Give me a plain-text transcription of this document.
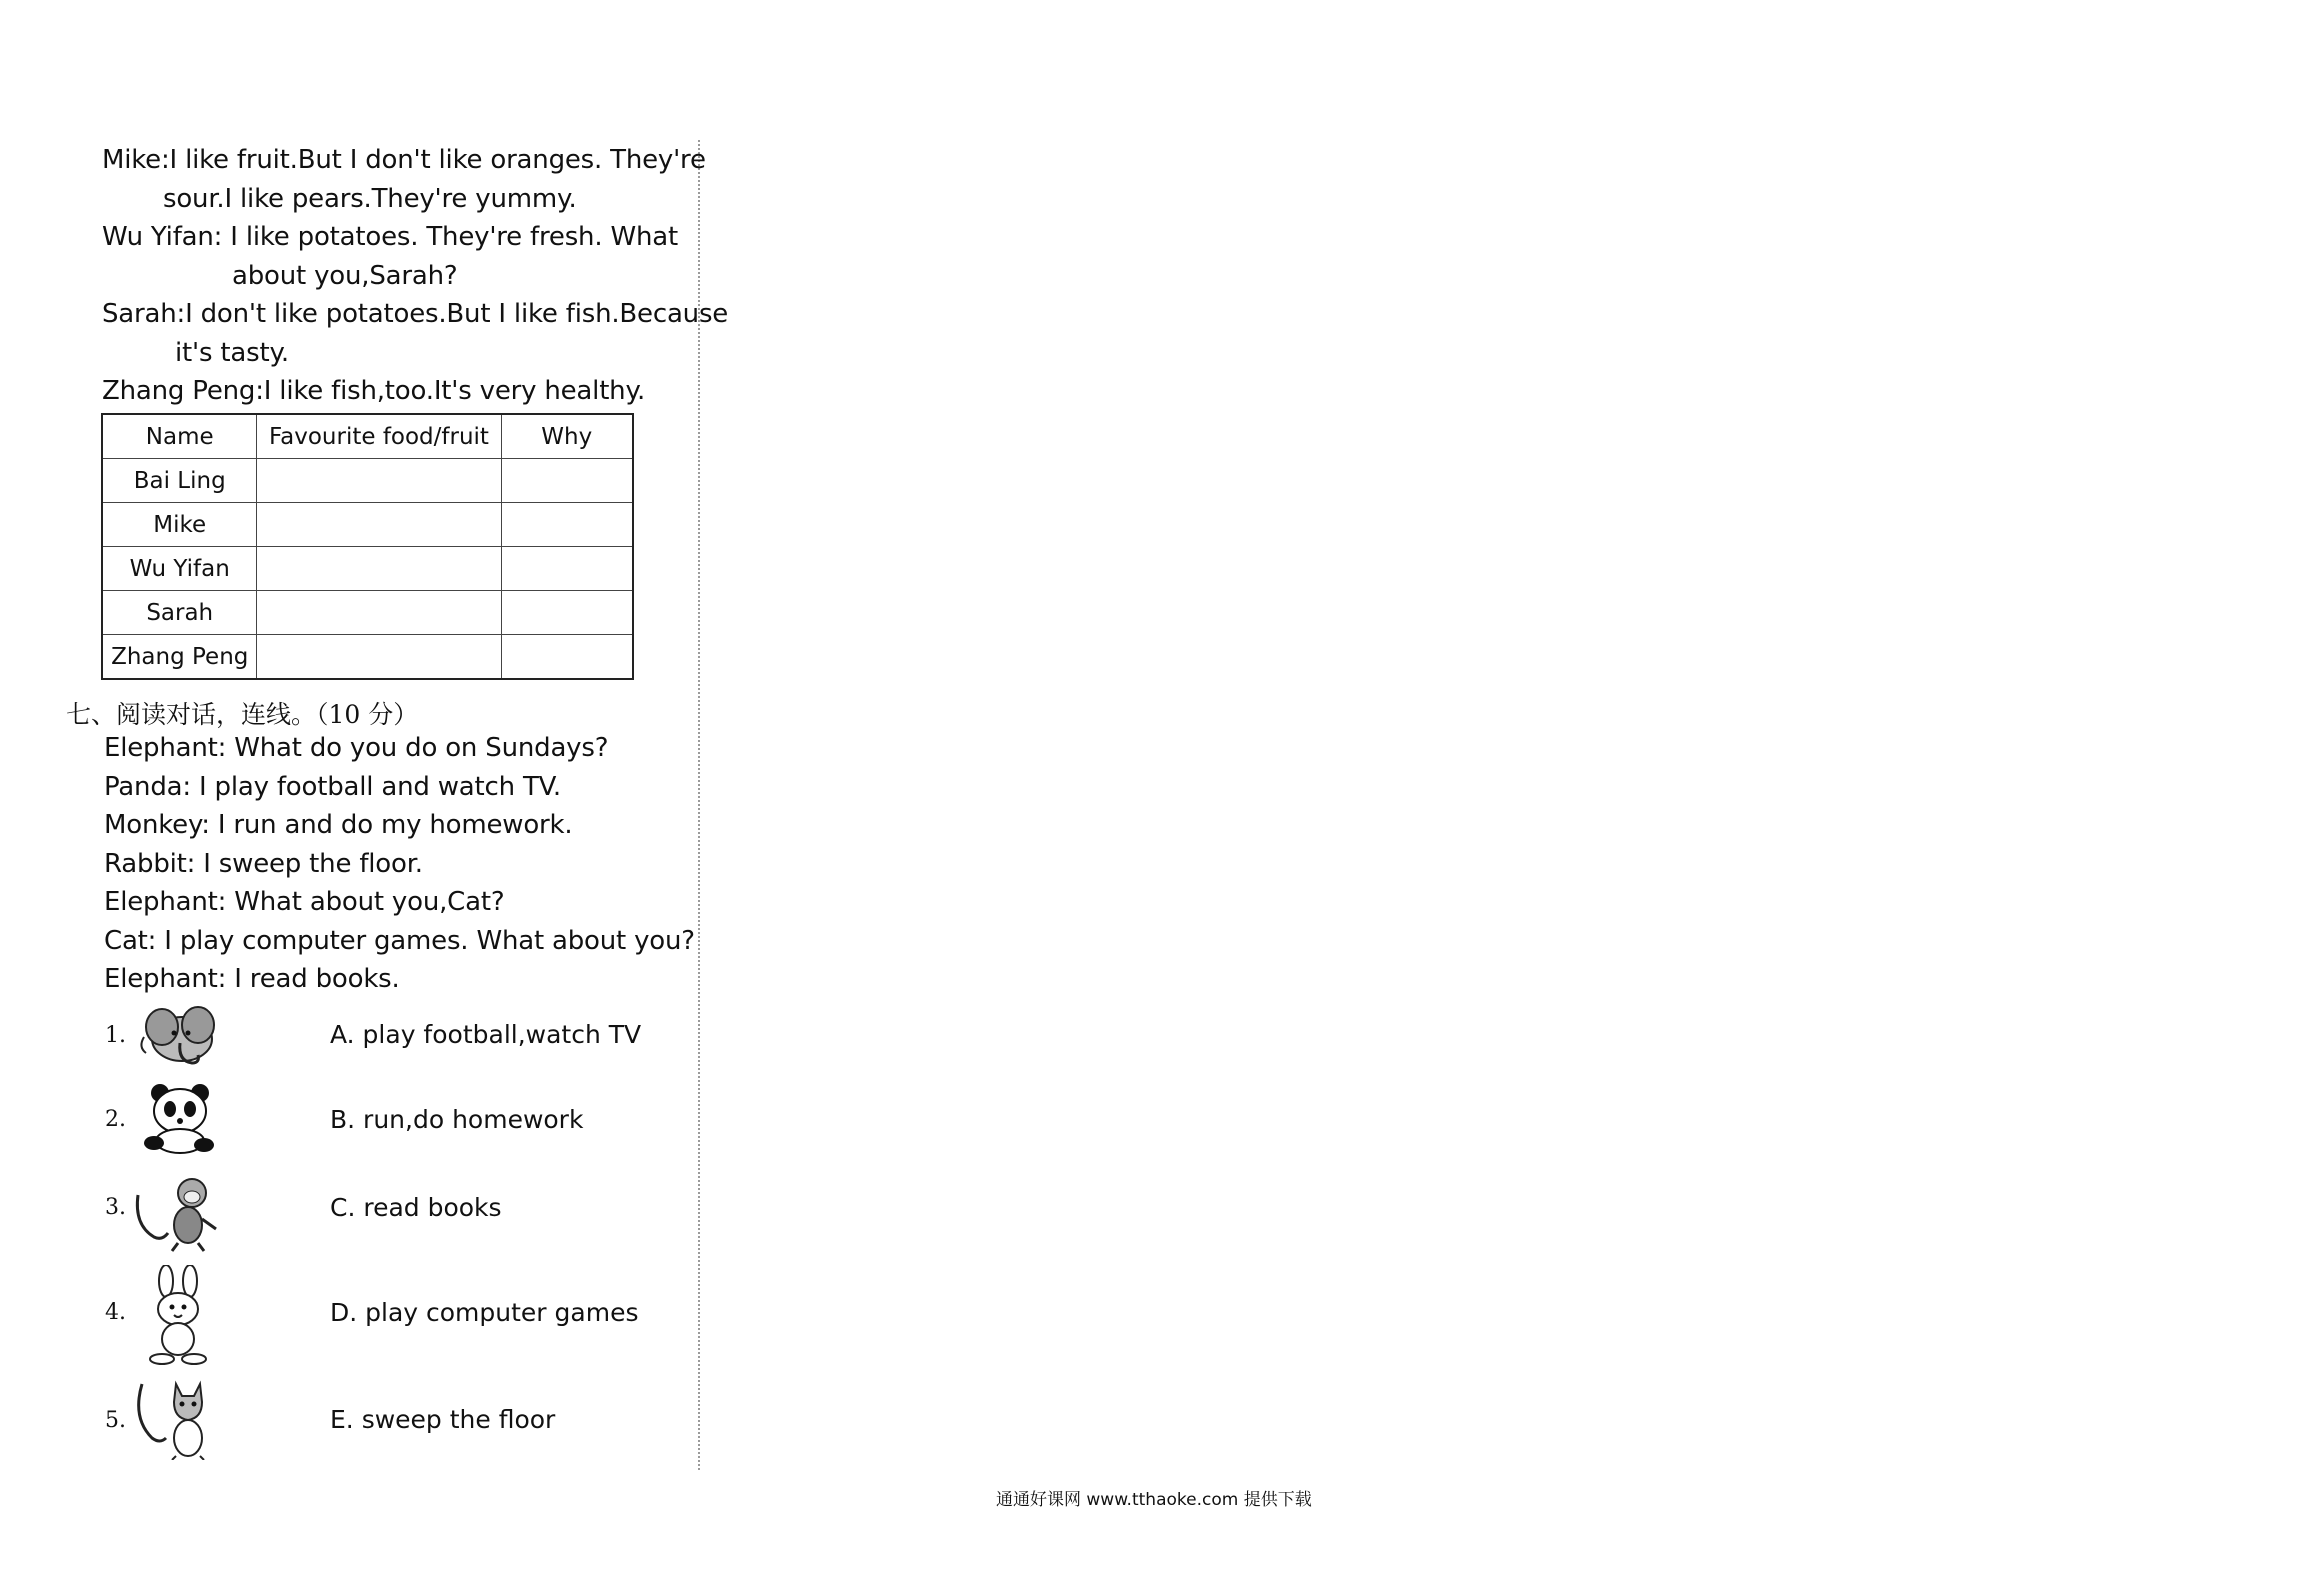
Mike:I like fruit.But I don't like oranges. They're
sour.I like pears.They're yummy.
Wu Yifan: I like potatoes. They're fresh. What
about you,Sarah?
Sarah:I don't like potatoes.But I like fish.Because
it's tasty.
Zhang Peng:I like fish,too.It's very healthy.
Name	Favourite food/fruit	Why
Bai Ling		
Mike		
Wu Yifan		
Sarah		
Zhang Peng		
七、阅读对话，连线。（10 分）
Elephant: What do you do on Sundays?
Panda: I play football and watch TV.
Monkey: I run and do my homework.
Rabbit: I sweep the floor.
Elephant: What about you,Cat?
Cat: I play computer games. What about you?
Elephant: I read books.
1.	A. play football,watch TV
2.	B. run,do homework
3.	C. read books
4.	D. play computer games
5.	E. sweep the floor
通通好课网 www.tthaoke.com 提供下载
